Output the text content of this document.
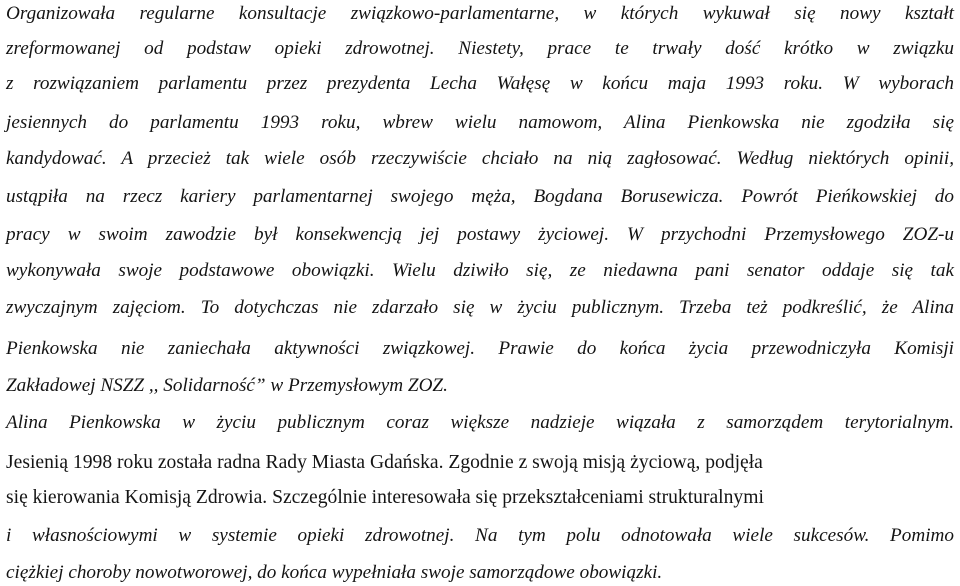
Organizowała regularne konsultacje związkowo-parlamentarne, w których wykuwał się nowy kształt
zreformowanej od podstaw opieki zdrowotnej. Niestety, prace te trwały dość krótko w związku
z rozwiązaniem parlamentu przez prezydenta Lecha Wałęsę w końcu maja 1993 roku. W wyborach
jesiennych do parlamentu 1993 roku, wbrew wielu namowom, Alina Pienkowska nie zgodziła się
kandydować. A przecież tak wiele osób rzeczywiście chciało na nią zagłosować. Według niektórych opinii,
ustąpiła na rzecz kariery parlamentarnej swojego męża, Bogdana Borusewicza. Powrót Pieńkowskiej do
pracy w swoim zawodzie był konsekwencją jej postawy życiowej. W przychodni Przemysłowego ZOZ-u
wykonywała swoje podstawowe obowiązki. Wielu dziwiło się, ze niedawna pani senator oddaje się tak
zwyczajnym zajęciom. To dotychczas nie zdarzało się w życiu publicznym. Trzeba też podkreślić, że Alina
Pienkowska nie zaniechała aktywności związkowej. Prawie do końca życia przewodniczyła Komisji
Zakładowej NSZZ ,, Solidarność” w Przemysłowym ZOZ.
Alina Pienkowska w życiu publicznym coraz większe nadzieje wiązała z samorządem terytorialnym.
Jesienią 1998 roku została radna Rady Miasta Gdańska. Zgodnie z swoją misją życiową, podjęła
się kierowania Komisją Zdrowia. Szczególnie interesowała się przekształceniami strukturalnymi
i własnościowymi w systemie opieki zdrowotnej. Na tym polu odnotowała wiele sukcesów. Pomimo
ciężkiej choroby nowotworowej, do końca wypełniała swoje samorządowe obowiązki.
